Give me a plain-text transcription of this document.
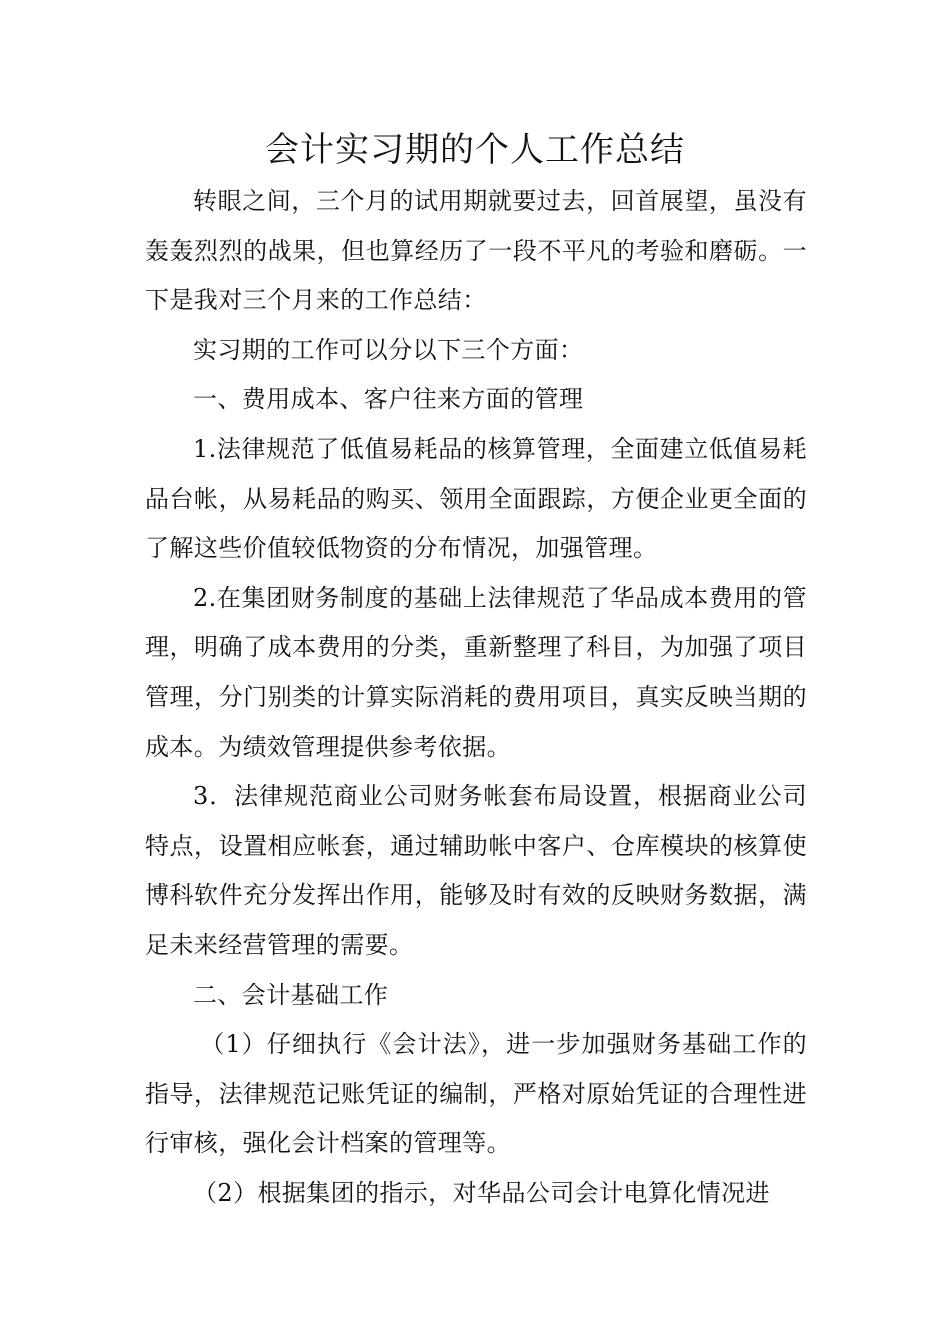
会计实习期的个人工作总结

转眼之间，三个月的试用期就要过去，回首展望，虽没有轰轰烈烈的战果，但也算经历了一段不平凡的考验和磨砺。一下是我对三个月来的工作总结：

实习期的工作可以分以下三个方面：

一、费用成本、客户往来方面的管理

1.法律规范了低值易耗品的核算管理，全面建立低值易耗品台帐，从易耗品的购买、领用全面跟踪，方便企业更全面的了解这些价值较低物资的分布情况，加强管理。

2.在集团财务制度的基础上法律规范了华品成本费用的管理，明确了成本费用的分类，重新整理了科目，为加强了项目管理，分门别类的计算实际消耗的费用项目，真实反映当期的成本。为绩效管理提供参考依据。

3．法律规范商业公司财务帐套布局设置，根据商业公司特点，设置相应帐套，通过辅助帐中客户、仓库模块的核算使博科软件充分发挥出作用，能够及时有效的反映财务数据，满足未来经营管理的需要。

二、会计基础工作

（1）仔细执行《会计法》，进一步加强财务基础工作的指导，法律规范记账凭证的编制，严格对原始凭证的合理性进行审核，强化会计档案的管理等。

（2）根据集团的指示，对华品公司会计电算化情况进
